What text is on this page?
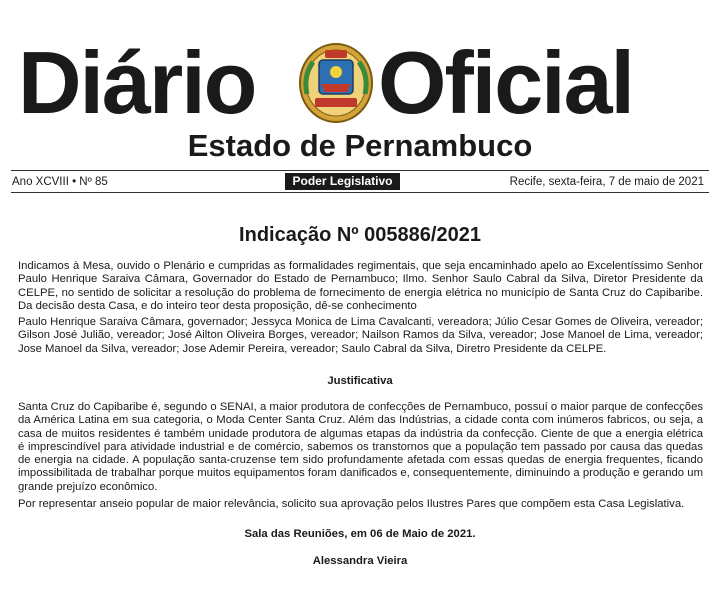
Diário Oficial
Estado de Pernambuco
Ano XCVIII • Nº 85	Poder Legislativo	Recife, sexta-feira, 7 de maio de 2021
Indicação Nº 005886/2021

Indicamos à Mesa, ouvido o Plenário e cumpridas as formalidades regimentais, que seja encaminhado apelo ao Excelentíssimo Senhor Paulo Henrique Saraiva Câmara, Governador do Estado de Pernambuco; Ilmo. Senhor Saulo Cabral da Silva, Diretor Presidente da CELPE, no sentido de solicitar a resolução do problema de fornecimento de energia elétrica no município de Santa Cruz do Capibaribe. Da decisão desta Casa, e do inteiro teor desta proposição, dê-se conhecimento

Paulo Henrique Saraiva Câmara, governador; Jessyca Monica de Lima Cavalcanti, vereadora; Júlio Cesar Gomes de Oliveira, vereador; Gilson José Julião, vereador; José Ailton Oliveira Borges, vereador; Nailson Ramos da Silva, vereador; Jose Manoel de Lima, vereador; Jose Manoel da Silva, vereador; Jose Ademir Pereira, vereador; Saulo Cabral da Silva, Diretro Presidente da CELPE.

Justificativa

Santa Cruz do Capibaribe é, segundo o SENAI, a maior produtora de confecções de Pernambuco, possuí o maior parque de confecções da América Latina em sua categoria, o Moda Center Santa Cruz. Além das Indústrias, a cidade conta com inúmeros fabricos, ou seja, a casa de muitos residentes é também unidade produtora de algumas etapas da indústria da confecção. Ciente de que a energia elétrica é imprescindível para atividade industrial e de comércio, sabemos os transtornos que a população tem passado por causa das quedas de energia na cidade. A população santa-cruzense tem sido profundamente afetada com essas quedas de energia frequentes, ficando impossibilitada de trabalhar porque muitos equipamentos foram danificados e, consequentemente, diminuindo a produção e gerando um grande prejuízo econômico.

Por representar anseio popular de maior relevância, solicito sua aprovação pelos Ilustres Pares que compõem esta Casa Legislativa.

Sala das Reuniões, em 06 de Maio de 2021.
Alessandra Vieira
